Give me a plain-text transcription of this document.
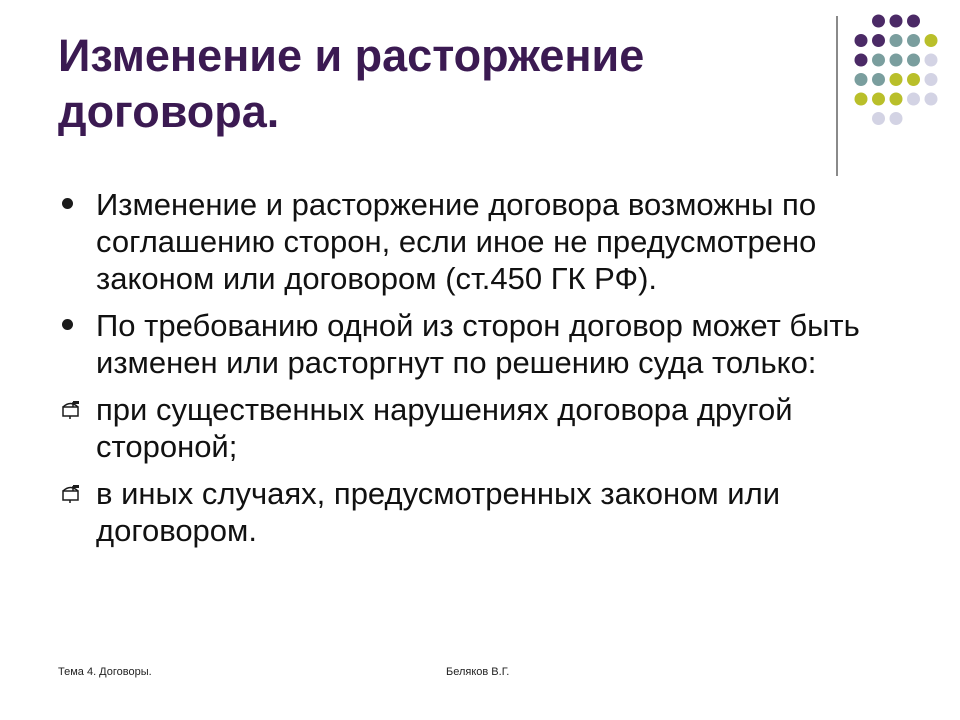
Изменение и расторжение договора.
Изменение и расторжение договора возможны по соглашению сторон, если иное не предусмотрено законом или договором (ст.450 ГК РФ).
По требованию одной из сторон договор может быть изменен или расторгнут по решению суда только:
при существенных нарушениях договора другой стороной;
в иных случаях, предусмотренных законом или договором.
Тема 4. Договоры.	Беляков В.Г.
